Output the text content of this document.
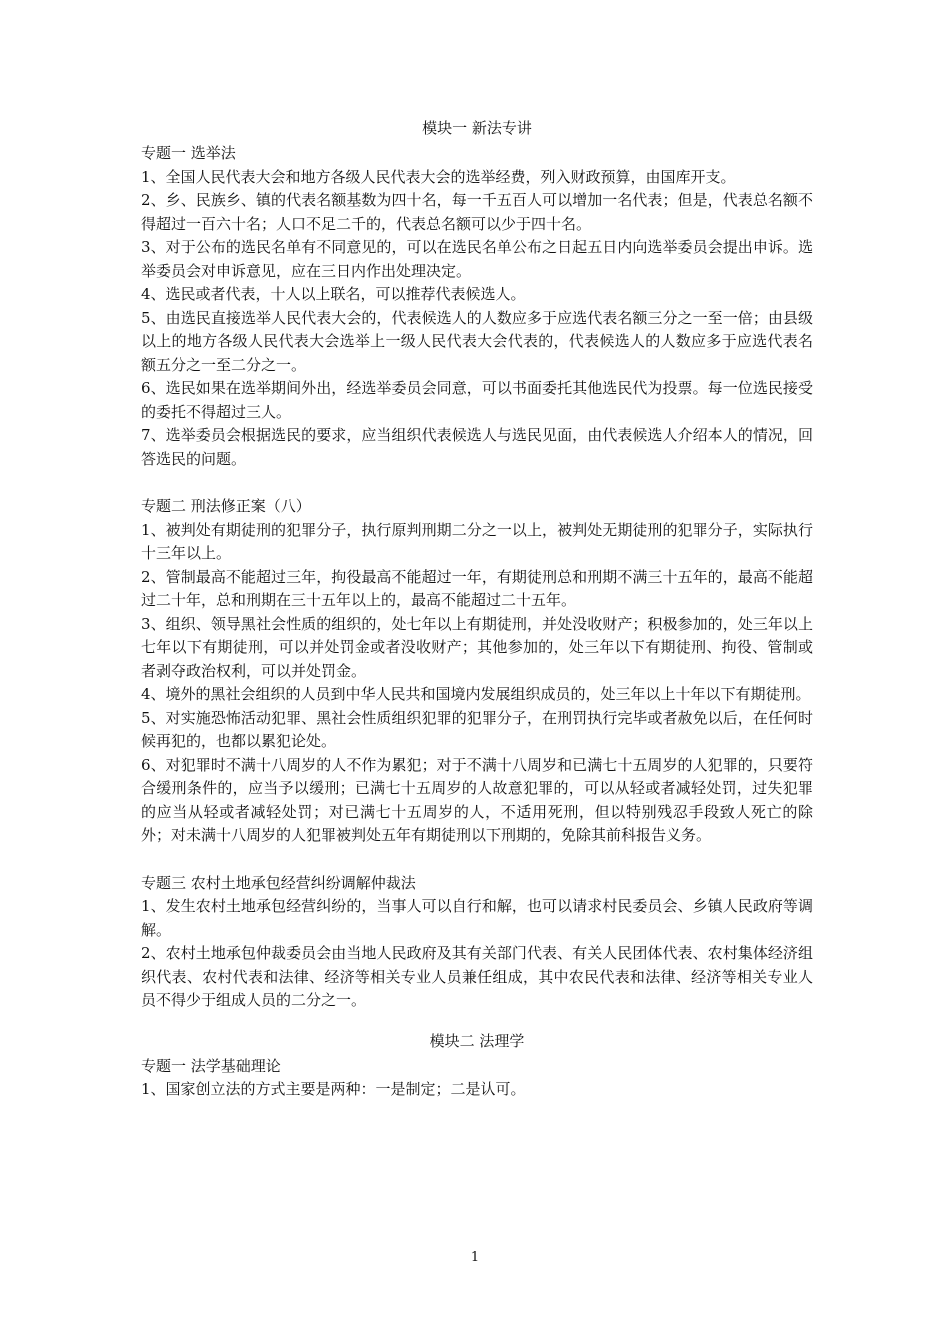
模块一 新法专讲
专题一 选举法
1、全国人民代表大会和地方各级人民代表大会的选举经费，列入财政预算，由国库开支。
2、乡、民族乡、镇的代表名额基数为四十名，每一千五百人可以增加一名代表；但是，代表总名额不得超过一百六十名；人口不足二千的，代表总名额可以少于四十名。
3、对于公布的选民名单有不同意见的，可以在选民名单公布之日起五日内向选举委员会提出申诉。选举委员会对申诉意见，应在三日内作出处理决定。
4、选民或者代表，十人以上联名，可以推荐代表候选人。
5、由选民直接选举人民代表大会的，代表候选人的人数应多于应选代表名额三分之一至一倍；由县级以上的地方各级人民代表大会选举上一级人民代表大会代表的，代表候选人的人数应多于应选代表名额五分之一至二分之一。
6、选民如果在选举期间外出，经选举委员会同意，可以书面委托其他选民代为投票。每一位选民接受的委托不得超过三人。
7、选举委员会根据选民的要求，应当组织代表候选人与选民见面，由代表候选人介绍本人的情况，回答选民的问题。
专题二 刑法修正案（八）
1、被判处有期徒刑的犯罪分子，执行原判刑期二分之一以上，被判处无期徒刑的犯罪分子，实际执行十三年以上。
2、管制最高不能超过三年，拘役最高不能超过一年，有期徒刑总和刑期不满三十五年的，最高不能超过二十年，总和刑期在三十五年以上的，最高不能超过二十五年。
3、组织、领导黑社会性质的组织的，处七年以上有期徒刑，并处没收财产；积极参加的，处三年以上七年以下有期徒刑，可以并处罚金或者没收财产；其他参加的，处三年以下有期徒刑、拘役、管制或者剥夺政治权利，可以并处罚金。
4、境外的黑社会组织的人员到中华人民共和国境内发展组织成员的，处三年以上十年以下有期徒刑。
5、对实施恐怖活动犯罪、黑社会性质组织犯罪的犯罪分子，在刑罚执行完毕或者赦免以后，在任何时候再犯的，也都以累犯论处。
6、对犯罪时不满十八周岁的人不作为累犯；对于不满十八周岁和已满七十五周岁的人犯罪的，只要符合缓刑条件的，应当予以缓刑；已满七十五周岁的人故意犯罪的，可以从轻或者减轻处罚，过失犯罪的应当从轻或者减轻处罚；对已满七十五周岁的人，不适用死刑，但以特别残忍手段致人死亡的除外；对未满十八周岁的人犯罪被判处五年有期徒刑以下刑期的，免除其前科报告义务。
专题三 农村土地承包经营纠纷调解仲裁法
1、发生农村土地承包经营纠纷的，当事人可以自行和解，也可以请求村民委员会、乡镇人民政府等调解。
2、农村土地承包仲裁委员会由当地人民政府及其有关部门代表、有关人民团体代表、农村集体经济组织代表、农村代表和法律、经济等相关专业人员兼任组成，其中农民代表和法律、经济等相关专业人员不得少于组成人员的二分之一。
模块二 法理学
专题一 法学基础理论
1、国家创立法的方式主要是两种：一是制定；二是认可。
1
